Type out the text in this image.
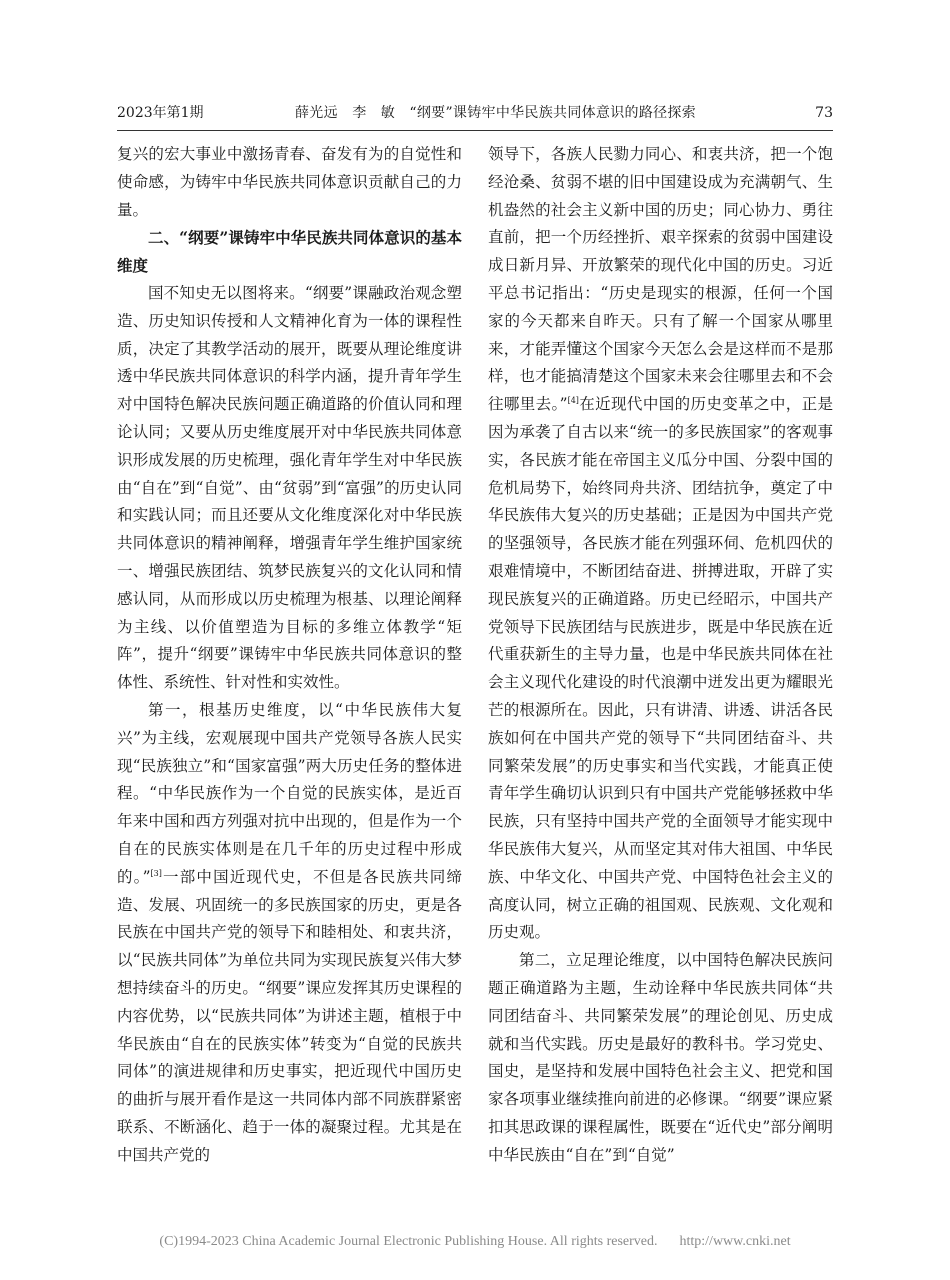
2023年第1期	薛光远　李　敏　“纲要”课铸牢中华民族共同体意识的路径探索	73

复兴的宏大事业中激扬青春、奋发有为的自觉性和使命感，为铸牢中华民族共同体意识贡献自己的力量。

二、“纲要”课铸牢中华民族共同体意识的基本维度

国不知史无以图将来。“纲要”课融政治观念塑造、历史知识传授和人文精神化育为一体的课程性质，决定了其教学活动的展开，既要从理论维度讲透中华民族共同体意识的科学内涵，提升青年学生对中国特色解决民族问题正确道路的价值认同和理论认同；又要从历史维度展开对中华民族共同体意识形成发展的历史梳理，强化青年学生对中华民族由“自在”到“自觉”、由“贫弱”到“富强”的历史认同和实践认同；而且还要从文化维度深化对中华民族共同体意识的精神阐释，增强青年学生维护国家统一、增强民族团结、筑梦民族复兴的文化认同和情感认同，从而形成以历史梳理为根基、以理论阐释为主线、以价值塑造为目标的多维立体教学“矩阵”，提升“纲要”课铸牢中华民族共同体意识的整体性、系统性、针对性和实效性。

第一，根基历史维度，以“中华民族伟大复兴”为主线，宏观展现中国共产党领导各族人民实现“民族独立”和“国家富强”两大历史任务的整体进程。“中华民族作为一个自觉的民族实体，是近百年来中国和西方列强对抗中出现的，但是作为一个自在的民族实体则是在几千年的历史过程中形成的。”[3]一部中国近现代史，不但是各民族共同缔造、发展、巩固统一的多民族国家的历史，更是各民族在中国共产党的领导下和睦相处、和衷共济，以“民族共同体”为单位共同为实现民族复兴伟大梦想持续奋斗的历史。“纲要”课应发挥其历史课程的内容优势，以“民族共同体”为讲述主题，植根于中华民族由“自在的民族实体”转变为“自觉的民族共同体”的演进规律和历史事实，把近现代中国历史的曲折与展开看作是这一共同体内部不同族群紧密联系、不断涵化、趋于一体的凝聚过程。尤其是在中国共产党的

领导下，各族人民勠力同心、和衷共济，把一个饱经沧桑、贫弱不堪的旧中国建设成为充满朝气、生机盎然的社会主义新中国的历史；同心协力、勇往直前，把一个历经挫折、艰辛探索的贫弱中国建设成日新月异、开放繁荣的现代化中国的历史。习近平总书记指出：“历史是现实的根源，任何一个国家的今天都来自昨天。只有了解一个国家从哪里来，才能弄懂这个国家今天怎么会是这样而不是那样，也才能搞清楚这个国家未来会往哪里去和不会往哪里去。”[4]在近现代中国的历史变革之中，正是因为承袭了自古以来“统一的多民族国家”的客观事实，各民族才能在帝国主义瓜分中国、分裂中国的危机局势下，始终同舟共济、团结抗争，奠定了中华民族伟大复兴的历史基础；正是因为中国共产党的坚强领导，各民族才能在列强环伺、危机四伏的艰难情境中，不断团结奋进、拼搏进取，开辟了实现民族复兴的正确道路。历史已经昭示，中国共产党领导下民族团结与民族进步，既是中华民族在近代重获新生的主导力量，也是中华民族共同体在社会主义现代化建设的时代浪潮中迸发出更为耀眼光芒的根源所在。因此，只有讲清、讲透、讲活各民族如何在中国共产党的领导下“共同团结奋斗、共同繁荣发展”的历史事实和当代实践，才能真正使青年学生确切认识到只有中国共产党能够拯救中华民族，只有坚持中国共产党的全面领导才能实现中华民族伟大复兴，从而坚定其对伟大祖国、中华民族、中华文化、中国共产党、中国特色社会主义的高度认同，树立正确的祖国观、民族观、文化观和历史观。

第二，立足理论维度，以中国特色解决民族问题正确道路为主题，生动诠释中华民族共同体“共同团结奋斗、共同繁荣发展”的理论创见、历史成就和当代实践。历史是最好的教科书。学习党史、国史，是坚持和发展中国特色社会主义、把党和国家各项事业继续推向前进的必修课。“纲要”课应紧扣其思政课的课程属性，既要在“近代史”部分阐明中华民族由“自在”到“自觉”

(C)1994-2023 China Academic Journal Electronic Publishing House. All rights reserved. http://www.cnki.net
